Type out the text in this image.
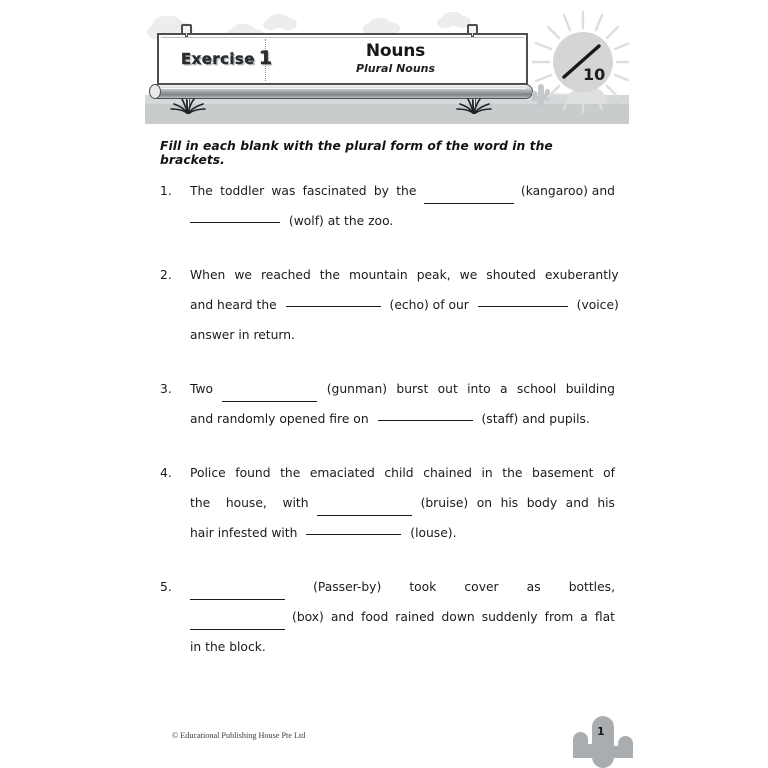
Exercise 1	Nouns
Plural Nouns	10
Fill in each blank with the plural form of the word in the brackets.
1.	The toddler was fascinated by the	(kangaroo) and
(wolf) at the zoo.
2.	When we reached the mountain peak, we shouted exuberantly
and heard the	(echo) of our	(voice)
answer in return.
3.	Two	(gunman) burst out into a school building
and randomly opened fire on	(staff) and pupils.
4.	Police found the emaciated child chained in the basement of
the    house,    with	(bruise) on his body and his
hair infested with	(louse).
5.	(Passer-by) took cover as bottles,
(box) and food rained down suddenly from a flat
in the block.
© Educational Publishing House Pte Ltd	1
